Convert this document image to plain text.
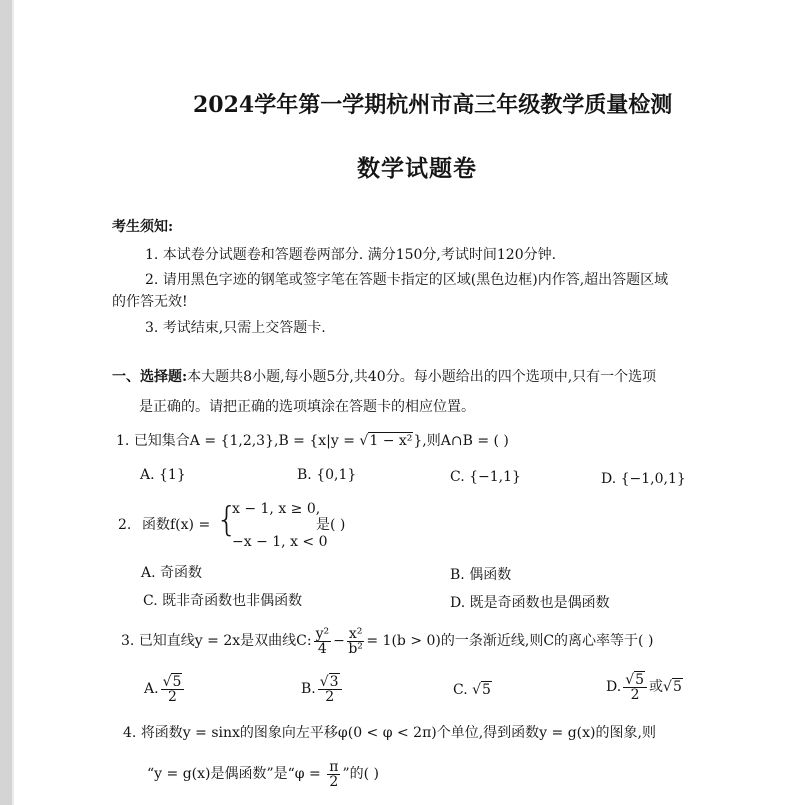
2024学年第一学期杭州市高三年级教学质量检测
数学试题卷
考生须知:
1. 本试卷分试题卷和答题卷两部分. 满分150分,考试时间120分钟.
2. 请用黑色字迹的钢笔或签字笔在答题卡指定的区域(黑色边框)内作答,超出答题区域
的作答无效!
3. 考试结束,只需上交答题卡.
一、选择题:本大题共8小题,每小题5分,共40分。每小题给出的四个选项中,只有一个选项
是正确的。请把正确的选项填涂在答题卡的相应位置。
1. 已知集合A = {1,2,3},B = {x|y = √1 − x²},则A∩B = ( )
A. {1}	B. {0,1}	C. {−1,1}	D. {−1,0,1}
2. 函数f(x) = {
x − 1, x ≥ 0,
−x − 1, x < 0
是( )
A. 奇函数	B. 偶函数
C. 既非奇函数也非偶函数	D. 既是奇函数也是偶函数
3. 已知直线y = 2x是双曲线C: $\frac{\text{y²}}{4} - \frac{\text{x²}}{\text{b²}} = 1(b > 0)$的一条渐近线,则C的离心率等于( )
A. $\frac{√5}{2}$	B. $\frac{√3}{2}$	C. √5	D. $\frac{√5}{2}$ 或√5
4. 将函数y = sinx的图象向左平移φ(0 < φ < 2π)个单位,得到函数y = g(x)的图象,则
“y = g(x)是偶函数”是“$\varphi = \frac{\pi}{2}$ ”的( )
